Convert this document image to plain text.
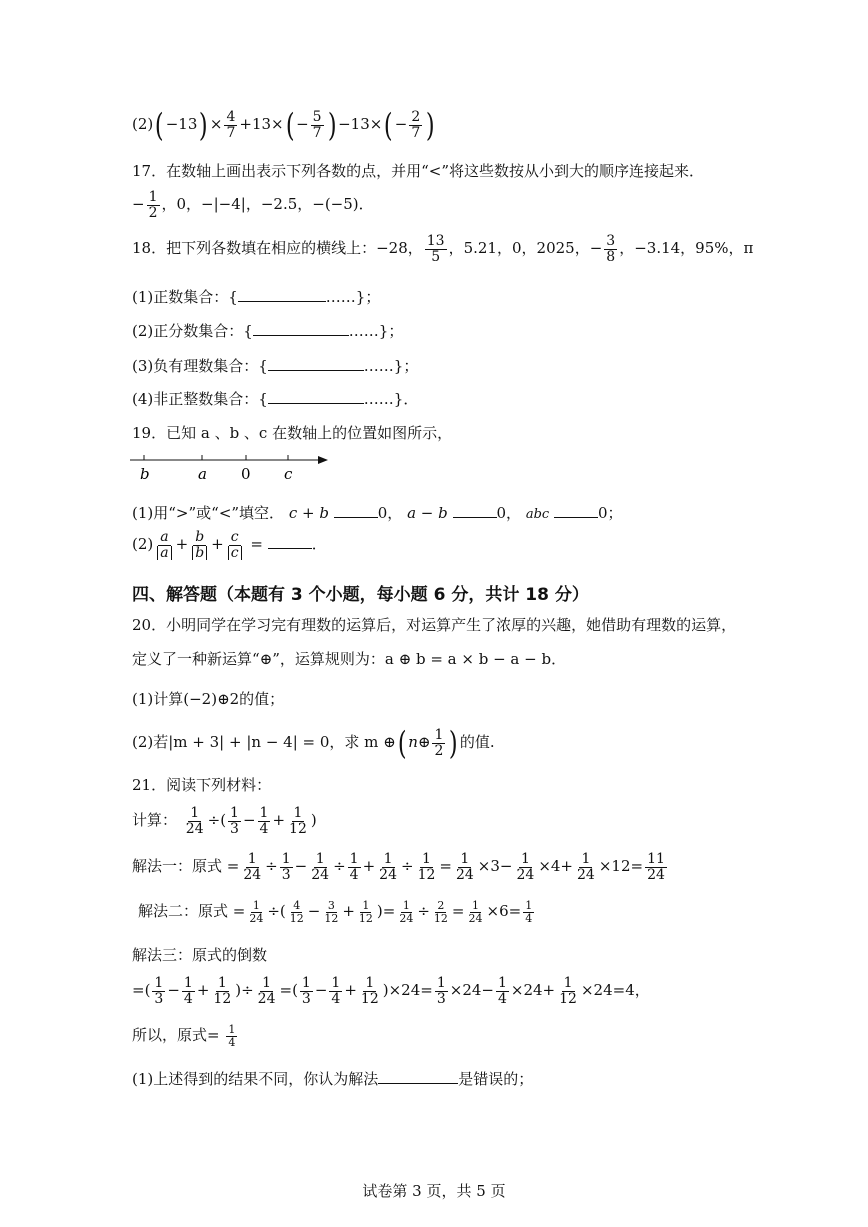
$(2)( -13) \times \frac{4}{7} +13\times( - \frac{5}{7}$ ) $-13\times( - \frac{2}{7}$ )
17．在数轴上画出表示下列各数的点，并用“<”将这些数按从小到大的顺序连接起来．
− $\frac{1}{2}$ ，0，−|−4|，−2.5，−(−5)．
18．把下列各数填在相应的横线上：−28， $\frac{13}{5}$ ，5.21，0，2025，− $\frac{3}{8}$ ，−3.14，95%，π
(1)正数集合：{	……}；
(2)正分数集合：{	……}；
(3)负有理数集合：{	……}；
(4)非正整数集合：{	……}．
19．已知 a 、b 、c 在数轴上的位置如图所示，
b	a 0 c
(1)用“>”或“<”填空． c + b	0， a − b	0， abc	0；
$(2) \frac{a}{a} + \frac{b}{b} + \frac{c}{c}$ =	．
四、解答题（本题有 3 个小题，每小题 6 分，共计 18 分）
20．小明同学在学习完有理数的运算后，对运算产生了浓厚的兴趣，她借助有理数的运算，
定义了一种新运算“⊕”，运算规则为：a ⊕ b = a × b − a − b．
(1)计算(−2)⊕2的值；
(2)若|m + 3| + |n − 4| = 0，求 m ⊕( n⊕ $\frac{1}{2}$ ) 的值.
21．阅读下列材料：
计算： $\frac{1}{24}$ ÷( $\frac{1}{3} - \frac{1}{4} + \frac{1}{12}$ )
解法一：原式 = $\frac{1}{24} \div \frac{1}{3} - \frac{1}{24} \div \frac{1}{4} + \frac{1}{24} \div \frac{1}{12} = \frac{1}{24} \times 3- \frac{1}{24} \times 4+ \frac{1}{24} \times 12= \frac{11}{24}$
解法二：原式 = $\frac{1}{24}$ ÷( $\frac{4}{12} - \frac{3}{12} + \frac{1}{12}$ )= $\frac{1}{24} \div \frac{2}{12} = \frac{1}{24} \times 6= \frac{1}{4}$
解法三：原式的倒数
=( $\frac{1}{3} - \frac{1}{4} + \frac{1}{12}$ )÷ $\frac{1}{24}$ =( $\frac{1}{3} - \frac{1}{4} + \frac{1}{12} )\times 24= \frac{1}{3} \times 24- \frac{1}{4} \times 24+ \frac{1}{12} \times 24=4$，
所以，原式= $\frac{1}{4}$
(1)上述得到的结果不同，你认为解法	是错误的；
试卷第 3 页，共 5 页
